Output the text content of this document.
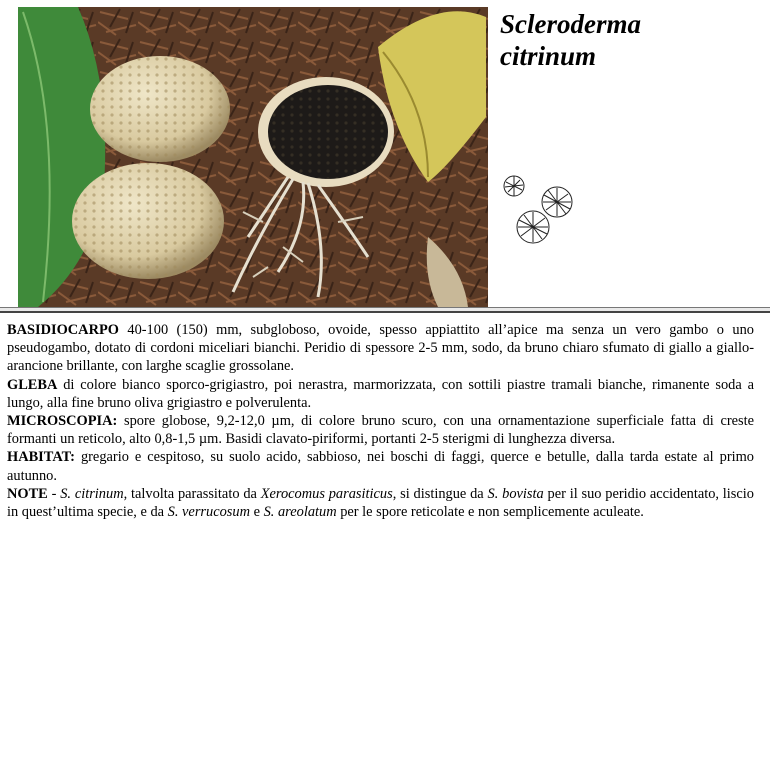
Scleroderma
citrinum

BASIDIOCARPO 40-100 (150) mm, subgloboso, ovoide, spesso appiattito all’apice ma senza un vero gambo o uno pseudogambo, dotato di cordoni miceliari bianchi. Peridio di spessore 2-5 mm, sodo, da bruno chiaro sfumato di giallo a giallo-arancione brillante, con larghe scaglie grossolane.

GLEBA di colore bianco sporco-grigiastro, poi nerastra, marmorizzata, con sottili piastre tramali bianche, rimanente soda a lungo, alla fine bruno oliva grigiastro e polverulenta.

MICROSCOPIA: spore globose, 9,2-12,0 µm, di colore bruno scuro, con una ornamentazione superficiale fatta di creste formanti un reticolo, alto 0,8-1,5 µm. Basidi clavato-piriformi, portanti 2-5 sterigmi di lunghezza diversa.

HABITAT: gregario e cespitoso, su suolo acido, sabbioso, nei boschi di faggi, querce e betulle, dalla tarda estate al primo autunno.

NOTE - S. citrinum, talvolta parassitato da Xerocomus parasiticus, si distingue da S. bovista per il suo peridio accidentato, liscio in quest’ultima specie, e da S. verrucosum e S. areolatum per le spore reticolate e non semplicemente aculeate.
